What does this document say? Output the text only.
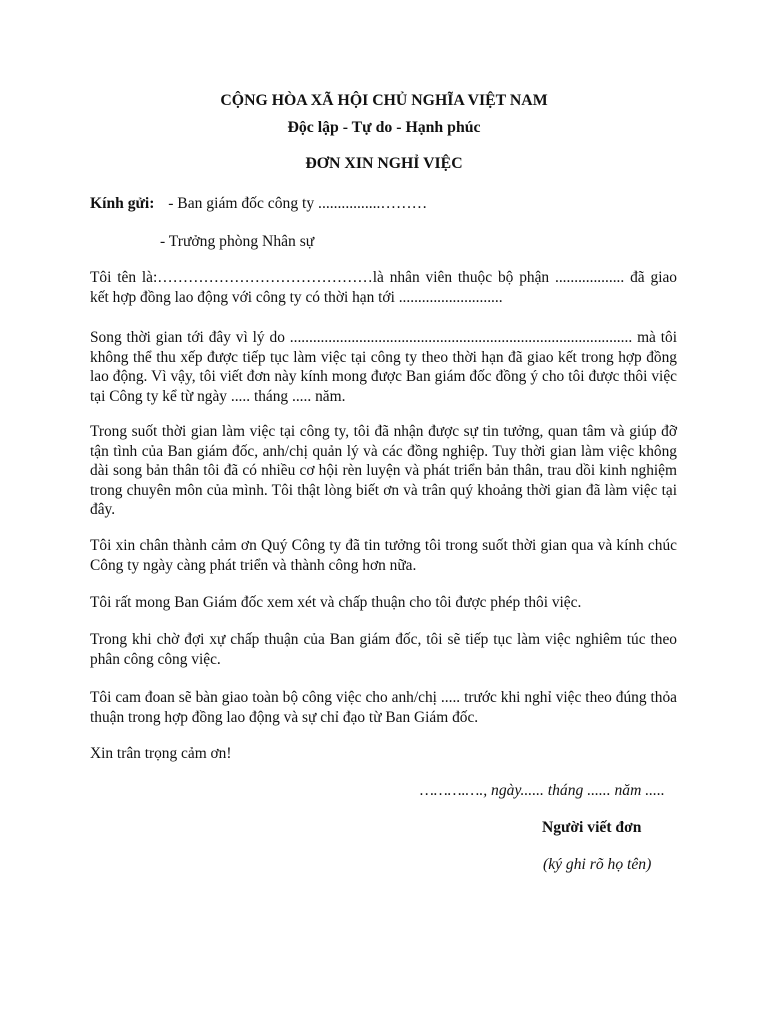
CỘNG HÒA XÃ HỘI CHỦ NGHĨA VIỆT NAM
Độc lập - Tự do - Hạnh phúc
ĐƠN XIN NGHỈ VIỆC
Kính gửi: - Ban giám đốc công ty ................………
- Trưởng phòng Nhân sự
Tôi tên là:……………………………………là nhân viên thuộc bộ phận .................. đã giao kết hợp đồng lao động với công ty có thời hạn tới ...........................
Song thời gian tới đây vì lý do ......................................................................................... mà tôi không thể thu xếp được tiếp tục làm việc tại công ty theo thời hạn đã giao kết trong hợp đồng lao động. Vì vậy, tôi viết đơn này kính mong được Ban giám đốc đồng ý cho tôi được thôi việc tại Công ty kể từ ngày ..... tháng ..... năm.
Trong suốt thời gian làm việc tại công ty, tôi đã nhận được sự tin tưởng, quan tâm và giúp đỡ tận tình của Ban giám đốc, anh/chị quản lý và các đồng nghiệp. Tuy thời gian làm việc không dài song bản thân tôi đã có nhiều cơ hội rèn luyện và phát triển bản thân, trau dồi kinh nghiệm trong chuyên môn của mình. Tôi thật lòng biết ơn và trân quý khoảng thời gian đã làm việc tại đây.
Tôi xin chân thành cảm ơn Quý Công ty đã tin tưởng tôi trong suốt thời gian qua và kính chúc Công ty ngày càng phát triển và thành công hơn nữa.
Tôi rất mong Ban Giám đốc xem xét và chấp thuận cho tôi được phép thôi việc.
Trong khi chờ đợi xự chấp thuận của Ban giám đốc, tôi sẽ tiếp tục làm việc nghiêm túc theo phân công công việc.
Tôi cam đoan sẽ bàn giao toàn bộ công việc cho anh/chị ..... trước khi nghỉ việc theo đúng thỏa thuận trong hợp đồng lao động và sự chỉ đạo từ Ban Giám đốc.
Xin trân trọng cảm ơn!
……….…., ngày...... tháng ...... năm .....
Người viết đơn
(ký ghi rõ họ tên)
